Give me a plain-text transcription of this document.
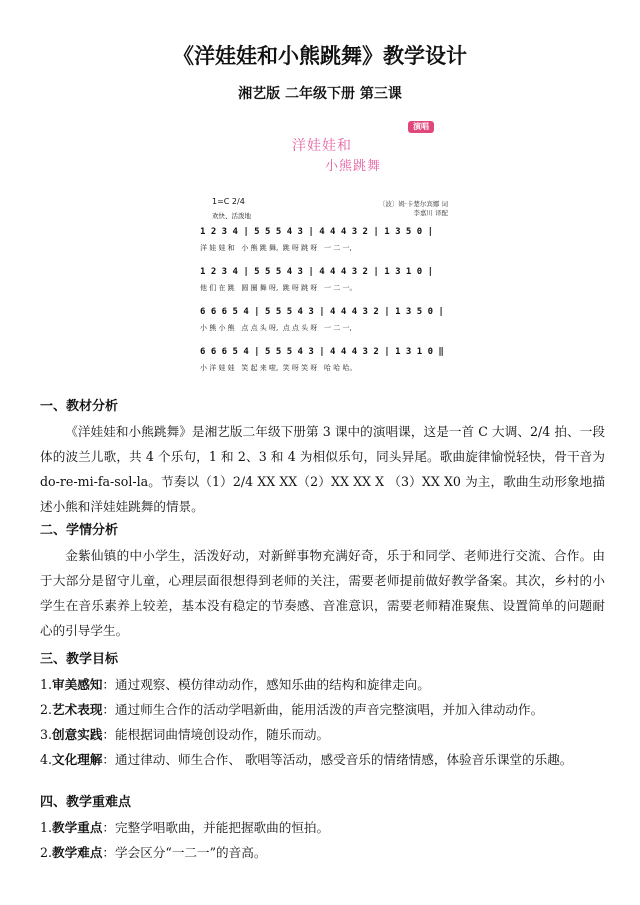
《洋娃娃和小熊跳舞》教学设计
湘艺版 二年级下册 第三课
演唱
洋娃娃和
小熊跳舞
1=C 2/4
欢快、活泼地
〔波〕姆·卡楚尔宾娜 词
李嘉川 译配
1 2 3 4 | 5 5 5 4 3 | 4 4 4 3 2 | 1 3 5 0 |
洋 娃 娃 和   小 熊 跳 舞,  跳 呀 跳 呀   一 二 一,
1 2 3 4 | 5 5 5 4 3 | 4 4 4 3 2 | 1 3 1 0 |
他 们 在 跳   圆 圈 舞 呀,  跳 呀 跳 呀   一 二 一。
6 6 6 5 4 | 5 5 5 4 3 | 4 4 4 3 2 | 1 3 5 0 |
小 熊 小 熊   点 点 头 呀,  点 点 头 呀   一 二 一,
6 6 6 5 4 | 5 5 5 4 3 | 4 4 4 3 2 | 1 3 1 0 ‖
小 洋 娃 娃   笑 起 来 啦,  笑 呀 笑 呀   哈 哈 哈。
一、教材分析
《洋娃娃和小熊跳舞》是湘艺版二年级下册第 3 课中的演唱课，这是一首 C 大调、2/4 拍、一段体的波兰儿歌，共 4 个乐句，1 和 2、3 和 4 为相似乐句，同头异尾。歌曲旋律愉悦轻快，骨干音为 do-re-mi-fa-sol-la。节奏以（1）2/4 XX XX（2）XX XX X （3）XX X0 为主，歌曲生动形象地描述小熊和洋娃娃跳舞的情景。
二、学情分析
金紫仙镇的中小学生，活泼好动，对新鲜事物充满好奇，乐于和同学、老师进行交流、合作。由于大部分是留守儿童，心理层面很想得到老师的关注，需要老师提前做好教学备案。其次，乡村的小学生在音乐素养上较差，基本没有稳定的节奏感、音准意识，需要老师精准聚焦、设置简单的问题耐心的引导学生。
三、教学目标
1.审美感知：通过观察、模仿律动动作，感知乐曲的结构和旋律走向。
2.艺术表现：通过师生合作的活动学唱新曲，能用活泼的声音完整演唱，并加入律动动作。
3.创意实践：能根据词曲情境创设动作，随乐而动。
4.文化理解：通过律动、师生合作、 歌唱等活动，感受音乐的情绪情感，体验音乐课堂的乐趣。
四、教学重难点
1.教学重点：完整学唱歌曲，并能把握歌曲的恒拍。
2.教学难点：学会区分“一二一”的音高。
